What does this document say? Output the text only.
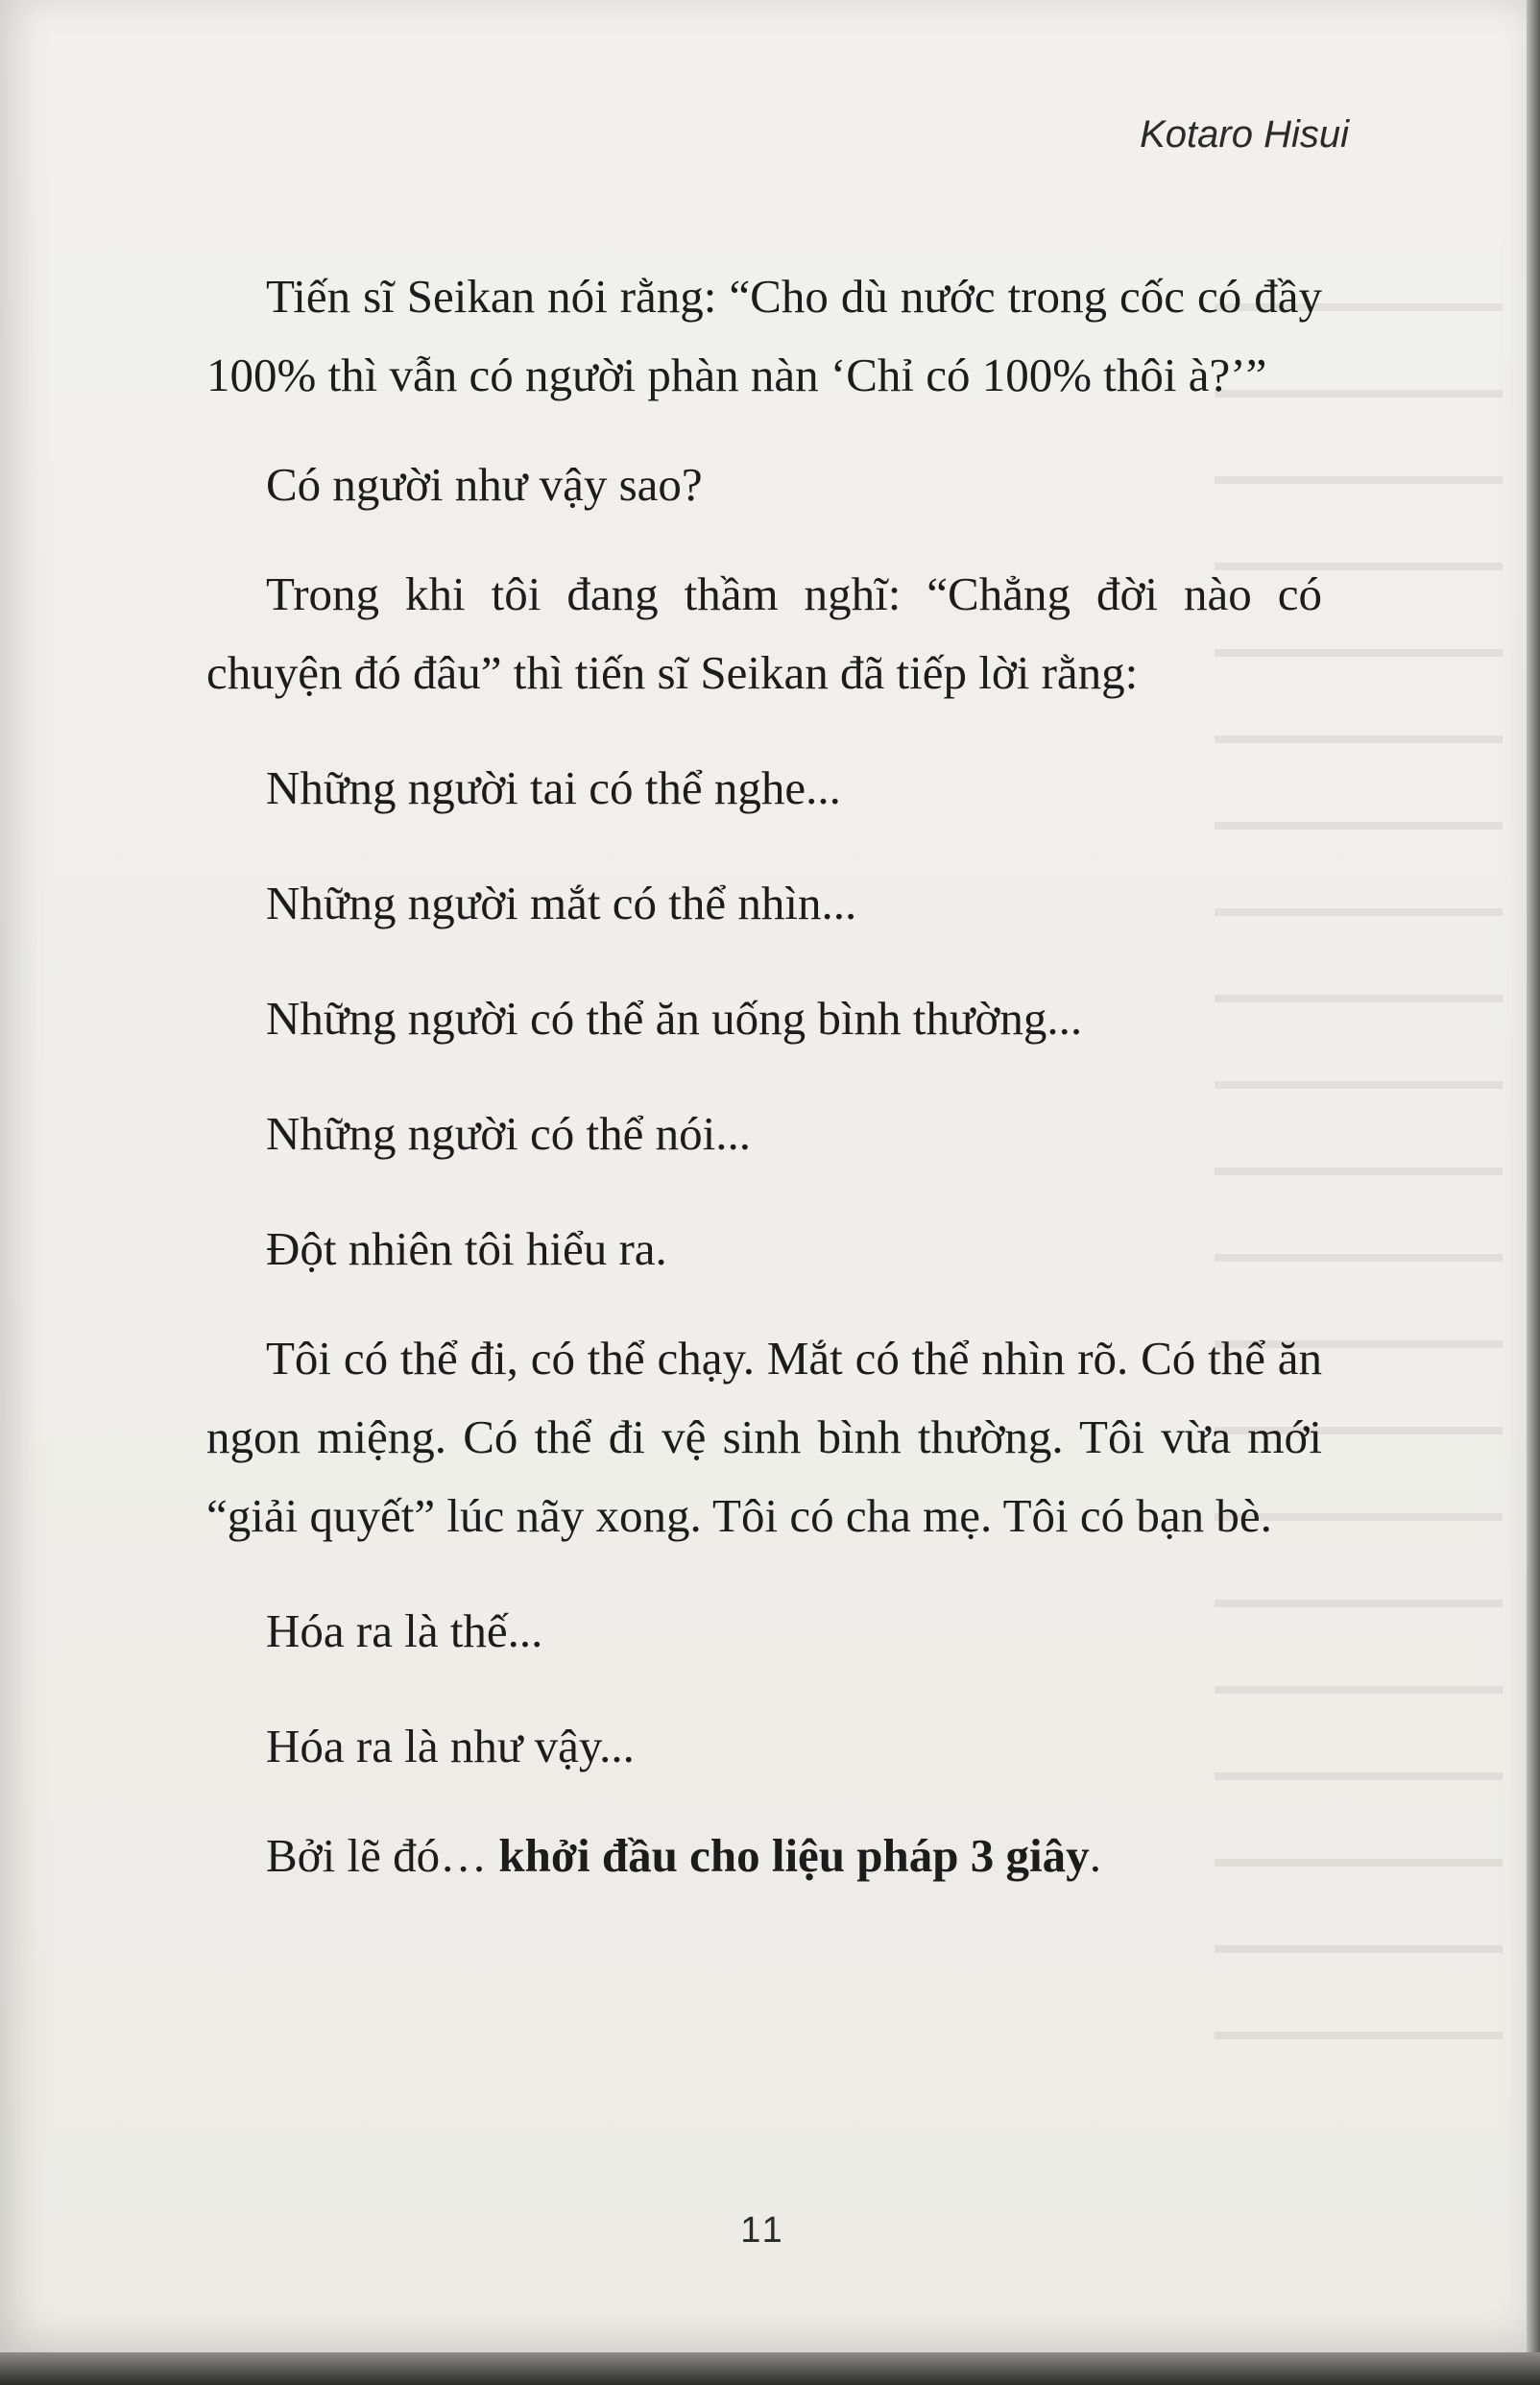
Kotaro Hisui

Tiến sĩ Seikan nói rằng: “Cho dù nước trong cốc có đầy 100% thì vẫn có người phàn nàn ‘Chỉ có 100% thôi à?’”

Có người như vậy sao?

Trong khi tôi đang thầm nghĩ: “Chẳng đời nào có chuyện đó đâu” thì tiến sĩ Seikan đã tiếp lời rằng:

Những người tai có thể nghe...

Những người mắt có thể nhìn...

Những người có thể ăn uống bình thường...

Những người có thể nói...

Đột nhiên tôi hiểu ra.

Tôi có thể đi, có thể chạy. Mắt có thể nhìn rõ. Có thể ăn ngon miệng. Có thể đi vệ sinh bình thường. Tôi vừa mới “giải quyết” lúc nãy xong. Tôi có cha mẹ. Tôi có bạn bè.

Hóa ra là thế...

Hóa ra là như vậy...

Bởi lẽ đó… khởi đầu cho liệu pháp 3 giây.

11
